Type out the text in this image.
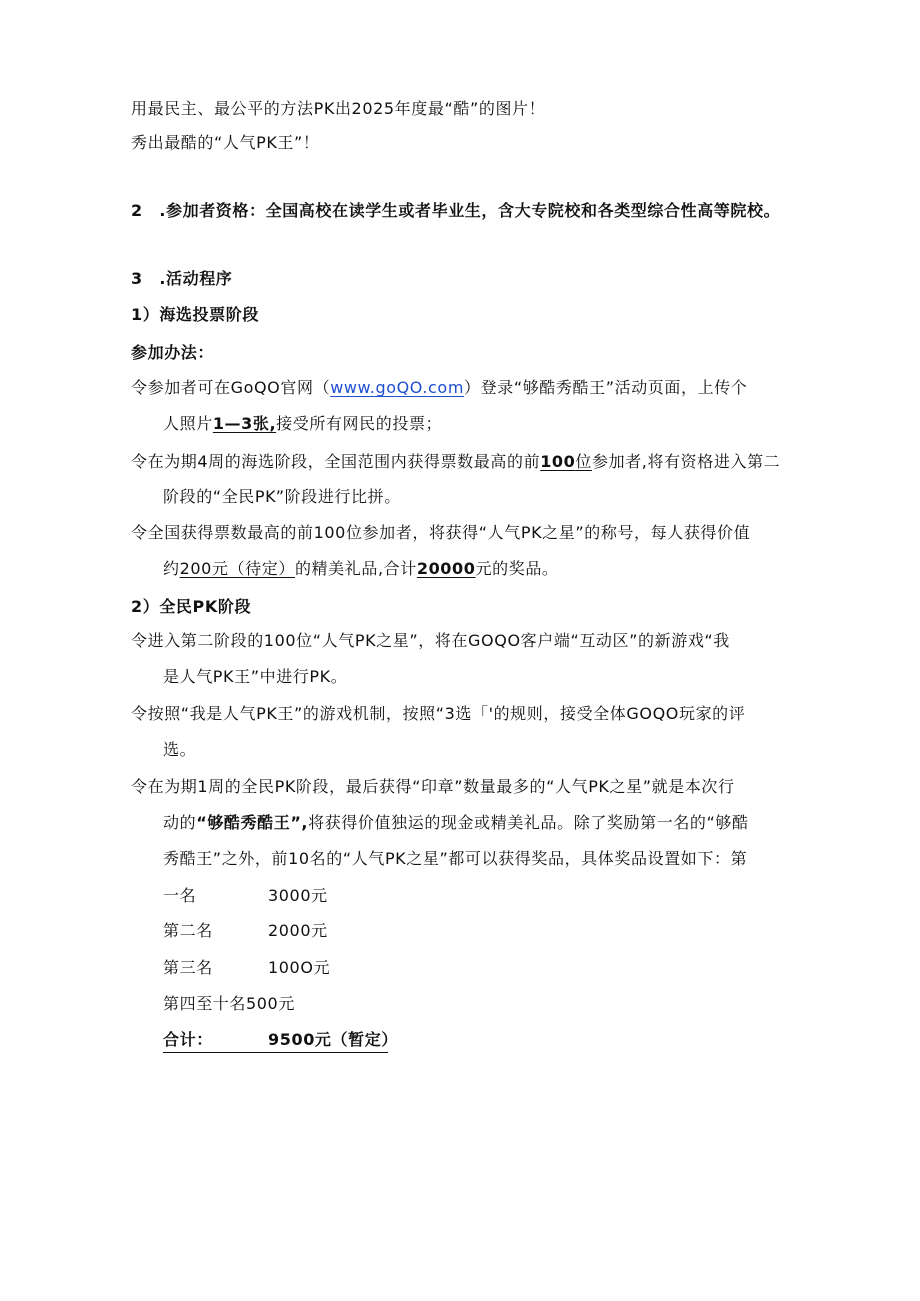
用最民主、最公平的方法PK出2025年度最“酷”的图片！
秀出最酷的“人气PK王”！
2　.参加者资格：全国高校在读学生或者毕业生，含大专院校和各类型综合性高等院校。
3　.活动程序
1）海选投票阶段
参加办法：
令参加者可在GoQO官网（www.goQO.com）登录“够酷秀酷王”活动页面，上传个
人照片1—3张,接受所有网民的投票；
令在为期4周的海选阶段，全国范围内获得票数最高的前100位参加者,将有资格进入第二
阶段的“全民PK”阶段进行比拼。
令全国获得票数最高的前100位参加者，将获得“人气PK之星”的称号，每人获得价值
约200元（待定）的精美礼品,合计20000元的奖品。
2）全民PK阶段
令进入第二阶段的100位“人气PK之星”，将在GOQO客户端“互动区”的新游戏“我
是人气PK王”中进行PK。
令按照“我是人气PK王”的游戏机制，按照“3选「'的规则，接受全体GOQO玩家的评
选。
令在为期1周的全民PK阶段，最后获得“印章”数量最多的“人气PK之星”就是本次行
动的“够酷秀酷王”,将获得价值独运的现金或精美礼品。除了奖励第一名的“够酷
秀酷王”之外，前10名的“人气PK之星”都可以获得奖品，具体奖品设置如下：第
一名	3000元
第二名	2000元
第三名	100O元
第四至十名500元
合计：	9500元（暂定）
